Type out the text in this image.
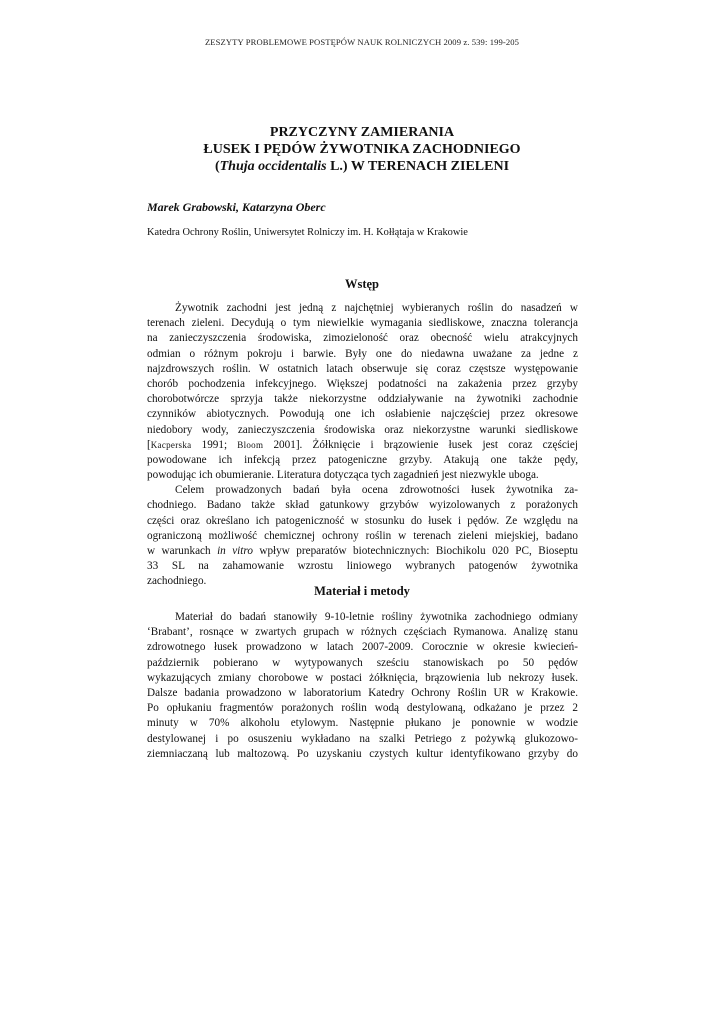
ZESZYTY PROBLEMOWE POSTĘPÓW NAUK ROLNICZYCH 2009 z. 539: 199-205
PRZYCZYNY ZAMIERANIA
ŁUSEK I PĘDÓW ŻYWOTNIKA ZACHODNIEGO
(Thuja occidentalis L.) W TERENACH ZIELENI
Marek Grabowski, Katarzyna Oberc
Katedra Ochrony Roślin, Uniwersytet Rolniczy im. H. Kołłątaja w Krakowie
Wstęp
Żywotnik zachodni jest jedną z najchętniej wybieranych roślin do nasadzeń w
terenach zieleni. Decydują o tym niewielkie wymagania siedliskowe, znaczna tolerancja
na zanieczyszczenia środowiska, zimozieloność oraz obecność wielu atrakcyjnych
odmian o różnym pokroju i barwie. Były one do niedawna uważane za jedne z
najzdrowszych roślin. W ostatnich latach obserwuje się coraz częstsze występowanie
chorób pochodzenia infekcyjnego. Większej podatności na zakażenia przez grzyby
chorobotwórcze sprzyja także niekorzystne oddziaływanie na żywotniki zachodnie
czynników abiotycznych. Powodują one ich osłabienie najczęściej przez okresowe
niedobory wody, zanieczyszczenia środowiska oraz niekorzystne warunki siedliskowe
[Kacperska 1991; Bloom 2001]. Żółknięcie i brązowienie łusek jest coraz częściej
powodowane ich infekcją przez patogeniczne grzyby. Atakują one także pędy,
powodując ich obumieranie. Literatura dotycząca tych zagadnień jest niezwykle uboga.
Celem prowadzonych badań była ocena zdrowotności łusek żywotnika za-
chodniego. Badano także skład gatunkowy grzybów wyizolowanych z porażonych
części oraz określano ich patogeniczność w stosunku do łusek i pędów. Ze względu na
ograniczoną możliwość chemicznej ochrony roślin w terenach zieleni miejskiej, badano
w warunkach in vitro wpływ preparatów biotechnicznych: Biochikolu 020 PC, Bioseptu
33 SL na zahamowanie wzrostu liniowego wybranych patogenów żywotnika
zachodniego.
Materiał i metody
Materiał do badań stanowiły 9-10-letnie rośliny żywotnika zachodniego odmiany
‘Brabant’, rosnące w zwartych grupach w różnych częściach Rymanowa. Analizę stanu
zdrowotnego łusek prowadzono w latach 2007-2009. Corocznie w okresie kwiecień-
październik pobierano w wytypowanych sześciu stanowiskach po 50 pędów
wykazujących zmiany chorobowe w postaci żółknięcia, brązowienia lub nekrozy łusek.
Dalsze badania prowadzono w laboratorium Katedry Ochrony Roślin UR w Krakowie.
Po opłukaniu fragmentów porażonych roślin wodą destylowaną, odkażano je przez 2
minuty w 70% alkoholu etylowym. Następnie płukano je ponownie w wodzie
destylowanej i po osuszeniu wykładano na szalki Petriego z pożywką glukozowo-
ziemniaczaną lub maltozową. Po uzyskaniu czystych kultur identyfikowano grzyby do
